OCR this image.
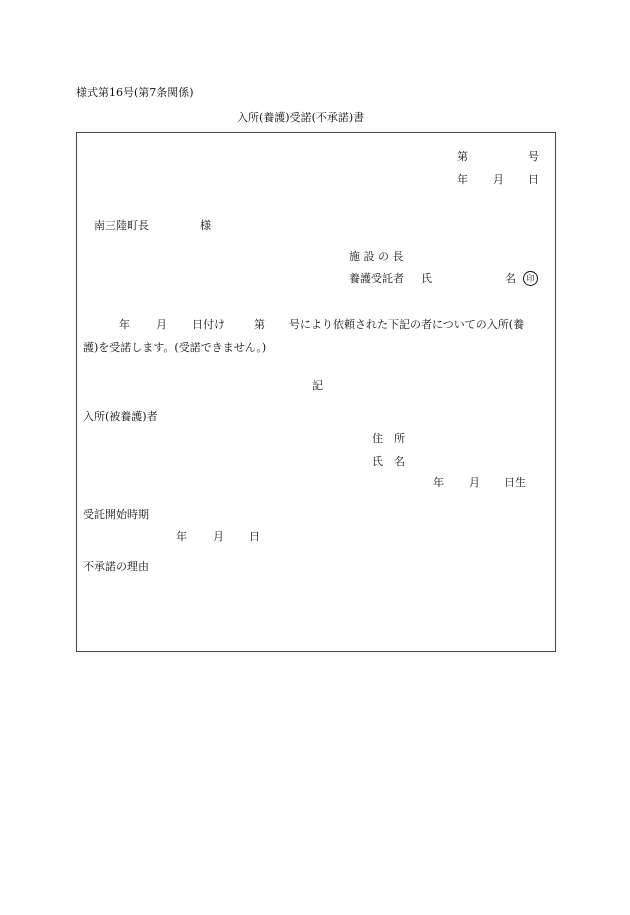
様式第16号(第7条関係)
入所(養護)受諾(不承諾)書
第	号
年 月 日
南三陸町長	様
施 設 の 長
養護受託者 氏	名	印
年 月 日付け	第 号により依頼された下記の者についての入所(養
護)を受諾します。(受諾できません。)
記
入所(被養護)者
住　所
氏　名
年 月 日生
受託開始時期
年 月 日
不承諾の理由
